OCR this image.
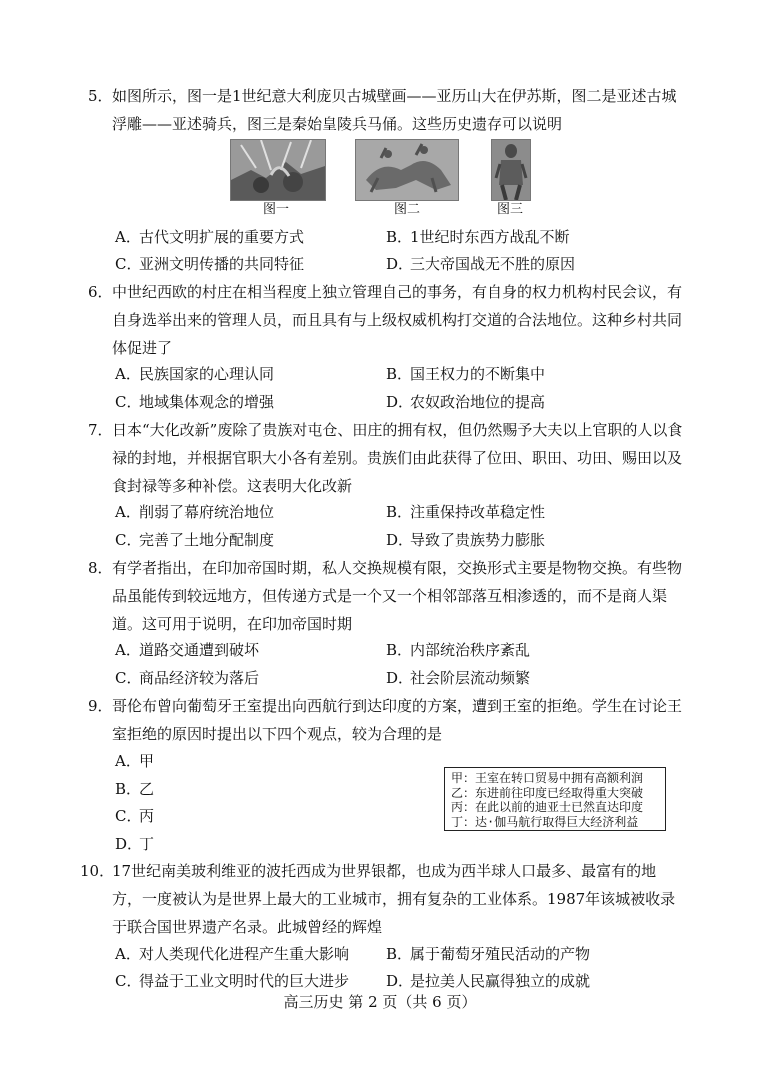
5． 如图所示，图一是1世纪意大利庞贝古城壁画——亚历山大在伊苏斯，图二是亚述古城浮雕——亚述骑兵，图三是秦始皇陵兵马俑。这些历史遗存可以说明
图一	图二	图三
A．古代文明扩展的重要方式	B．1世纪时东西方战乱不断
C．亚洲文明传播的共同特征	D．三大帝国战无不胜的原因
6． 中世纪西欧的村庄在相当程度上独立管理自己的事务，有自身的权力机构村民会议，有自身选举出来的管理人员，而且具有与上级权威机构打交道的合法地位。这种乡村共同体促进了
A．民族国家的心理认同	B．国王权力的不断集中
C．地域集体观念的增强	D．农奴政治地位的提高
7． 日本“大化改新”废除了贵族对屯仓、田庄的拥有权，但仍然赐予大夫以上官职的人以食禄的封地，并根据官职大小各有差别。贵族们由此获得了位田、职田、功田、赐田以及食封禄等多种补偿。这表明大化改新
A．削弱了幕府统治地位	B．注重保持改革稳定性
C．完善了土地分配制度	D．导致了贵族势力膨胀
8． 有学者指出，在印加帝国时期，私人交换规模有限，交换形式主要是物物交换。有些物品虽能传到较远地方，但传递方式是一个又一个相邻部落互相渗透的，而不是商人渠道。这可用于说明，在印加帝国时期
A．道路交通遭到破坏	B．内部统治秩序紊乱
C．商品经济较为落后	D．社会阶层流动频繁
9． 哥伦布曾向葡萄牙王室提出向西航行到达印度的方案，遭到王室的拒绝。学生在讨论王室拒绝的原因时提出以下四个观点，较为合理的是
A．甲
B．乙
C．丙
D．丁
甲：王室在转口贸易中拥有高额利润
乙：东进前往印度已经取得重大突破
丙：在此以前的迪亚士已然直达印度
丁：达·伽马航行取得巨大经济利益
10．
17世纪南美玻利维亚的波托西成为世界银都，也成为西半球人口最多、最富有的地方，一度被认为是世界上最大的工业城市，拥有复杂的工业体系。1987年该城被收录于联合国世界遗产名录。此城曾经的辉煌
A．对人类现代化进程产生重大影响 B．属于葡萄牙殖民活动的产物
C．得益于工业文明时代的巨大进步 D．是拉美人民赢得独立的成就
高三历史 第 2 页（共 6 页）
